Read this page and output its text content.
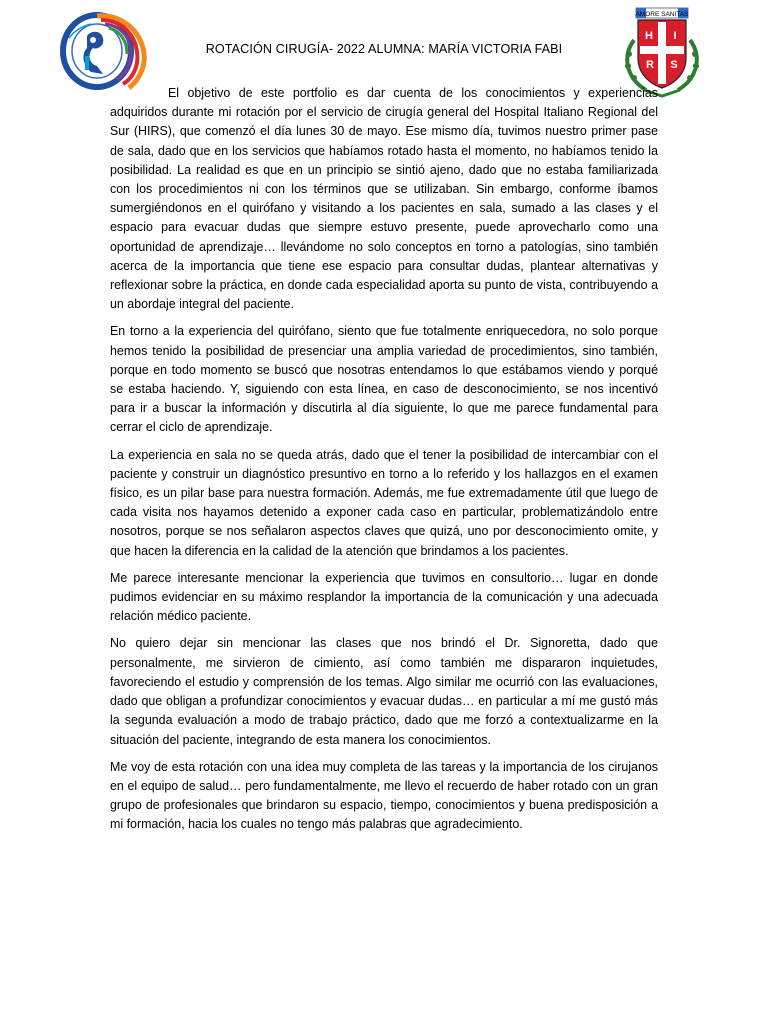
ROTACIÓN CIRUGÍA- 2022 ALUMNA: MARÍA VICTORIA FABI
AMORE SANITAS
H I
R S

El objetivo de este portfolio es dar cuenta de los conocimientos y experiencias adquiridos durante mi rotación por el servicio de cirugía general del Hospital Italiano Regional del Sur (HIRS), que comenzó el día lunes 30 de mayo. Ese mismo día, tuvimos nuestro primer pase de sala, dado que en los servicios que habíamos rotado hasta el momento, no habíamos tenido la posibilidad. La realidad es que en un principio se sintió ajeno, dado que no estaba familiarizada con los procedimientos ni con los términos que se utilizaban. Sin embargo, conforme íbamos sumergiéndonos en el quirófano y visitando a los pacientes en sala, sumado a las clases y el espacio para evacuar dudas que siempre estuvo presente, puede aprovecharlo como una oportunidad de aprendizaje… llevándome no solo conceptos en torno a patologías, sino también acerca de la importancia que tiene ese espacio para consultar dudas, plantear alternativas y reflexionar sobre la práctica, en donde cada especialidad aporta su punto de vista, contribuyendo a un abordaje integral del paciente.

En torno a la experiencia del quirófano, siento que fue totalmente enriquecedora, no solo porque hemos tenido la posibilidad de presenciar una amplia variedad de procedimientos, sino también, porque en todo momento se buscó que nosotras entendamos lo que estábamos viendo y porqué se estaba haciendo. Y, siguiendo con esta línea, en caso de desconocimiento, se nos incentivó para ir a buscar la información y discutirla al día siguiente, lo que me parece fundamental para cerrar el ciclo de aprendizaje.

La experiencia en sala no se queda atrás, dado que el tener la posibilidad de intercambiar con el paciente y construir un diagnóstico presuntivo en torno a lo referido y los hallazgos en el examen físico, es un pilar base para nuestra formación. Además, me fue extremadamente útil que luego de cada visita nos hayamos detenido a exponer cada caso en particular, problematizándolo entre nosotros, porque se nos señalaron aspectos claves que quizá, uno por desconocimiento omite, y que hacen la diferencia en la calidad de la atención que brindamos a los pacientes.

Me parece interesante mencionar la experiencia que tuvimos en consultorio… lugar en donde pudimos evidenciar en su máximo resplandor la importancia de la comunicación y una adecuada relación médico paciente.

No quiero dejar sin mencionar las clases que nos brindó el Dr. Signoretta, dado que personalmente, me sirvieron de cimiento, así como también me dispararon inquietudes, favoreciendo el estudio y comprensión de los temas. Algo similar me ocurrió con las evaluaciones, dado que obligan a profundizar conocimientos y evacuar dudas… en particular a mí me gustó más la segunda evaluación a modo de trabajo práctico, dado que me forzó a contextualizarme en la situación del paciente, integrando de esta manera los conocimientos.

Me voy de esta rotación con una idea muy completa de las tareas y la importancia de los cirujanos en el equipo de salud… pero fundamentalmente, me llevo el recuerdo de haber rotado con un gran grupo de profesionales que brindaron su espacio, tiempo, conocimientos y buena predisposición a mi formación, hacia los cuales no tengo más palabras que agradecimiento.
